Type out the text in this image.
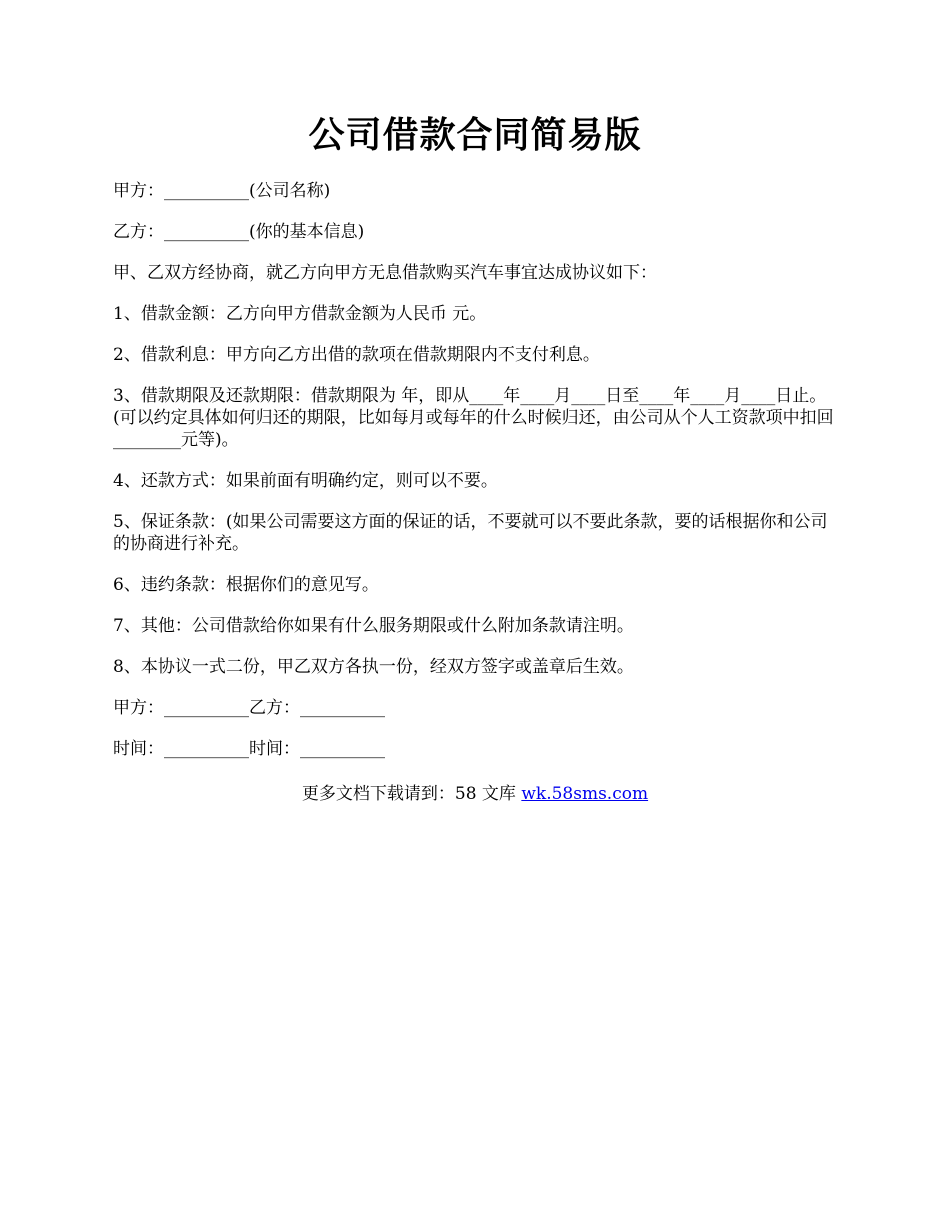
公司借款合同简易版

甲方：__________(公司名称)

乙方：__________(你的基本信息)

甲、乙双方经协商，就乙方向甲方无息借款购买汽车事宜达成协议如下：

1、借款金额：乙方向甲方借款金额为人民币 元。

2、借款利息：甲方向乙方出借的款项在借款期限内不支付利息。

3、借款期限及还款期限：借款期限为 年，即从____年____月____日至____年____月____日止。(可以约定具体如何归还的期限，比如每月或每年的什么时候归还，由公司从个人工资款项中扣回________元等)。

4、还款方式：如果前面有明确约定，则可以不要。

5、保证条款：(如果公司需要这方面的保证的话，不要就可以不要此条款，要的话根据你和公司的协商进行补充。

6、违约条款：根据你们的意见写。

7、其他：公司借款给你如果有什么服务期限或什么附加条款请注明。

8、本协议一式二份，甲乙双方各执一份，经双方签字或盖章后生效。

甲方：__________乙方：__________

时间：__________时间：__________

更多文档下载请到：58 文库 wk.58sms.com
